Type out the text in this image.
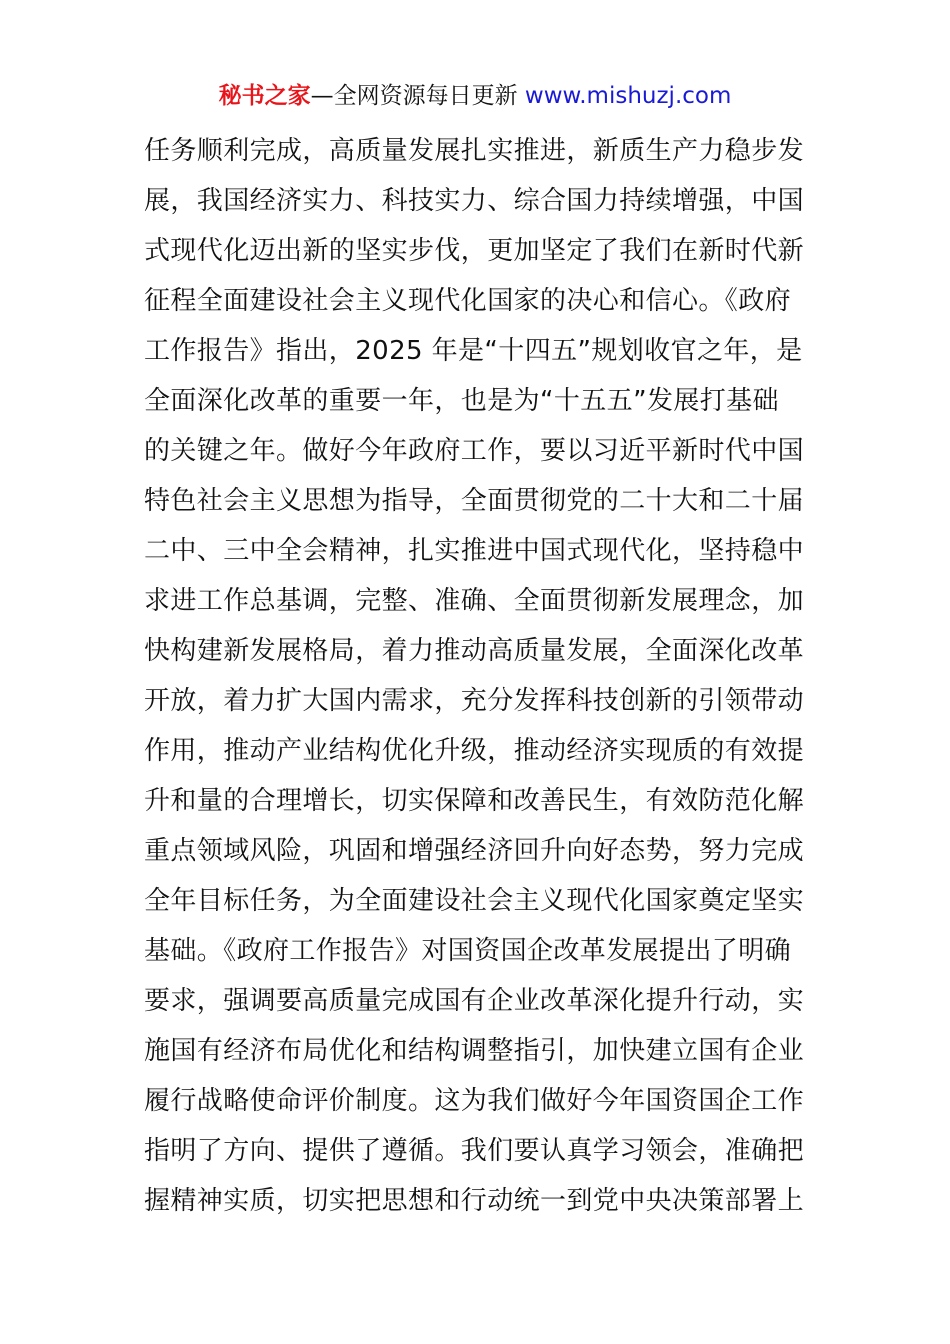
秘书之家—全网资源每日更新 www.mishuzj.com
任务顺利完成，高质量发展扎实推进，新质生产力稳步发
展，我国经济实力、科技实力、综合国力持续增强，中国
式现代化迈出新的坚实步伐，更加坚定了我们在新时代新
征程全面建设社会主义现代化国家的决心和信心。《政府
工作报告》指出，2025 年是“十四五”规划收官之年，是
全面深化改革的重要一年，也是为“十五五”发展打基础
的关键之年。做好今年政府工作，要以习近平新时代中国
特色社会主义思想为指导，全面贯彻党的二十大和二十届
二中、三中全会精神，扎实推进中国式现代化，坚持稳中
求进工作总基调，完整、准确、全面贯彻新发展理念，加
快构建新发展格局，着力推动高质量发展，全面深化改革
开放，着力扩大国内需求，充分发挥科技创新的引领带动
作用，推动产业结构优化升级，推动经济实现质的有效提
升和量的合理增长，切实保障和改善民生，有效防范化解
重点领域风险，巩固和增强经济回升向好态势，努力完成
全年目标任务，为全面建设社会主义现代化国家奠定坚实
基础。《政府工作报告》对国资国企改革发展提出了明确
要求，强调要高质量完成国有企业改革深化提升行动，实
施国有经济布局优化和结构调整指引，加快建立国有企业
履行战略使命评价制度。这为我们做好今年国资国企工作
指明了方向、提供了遵循。我们要认真学习领会，准确把
握精神实质，切实把思想和行动统一到党中央决策部署上
